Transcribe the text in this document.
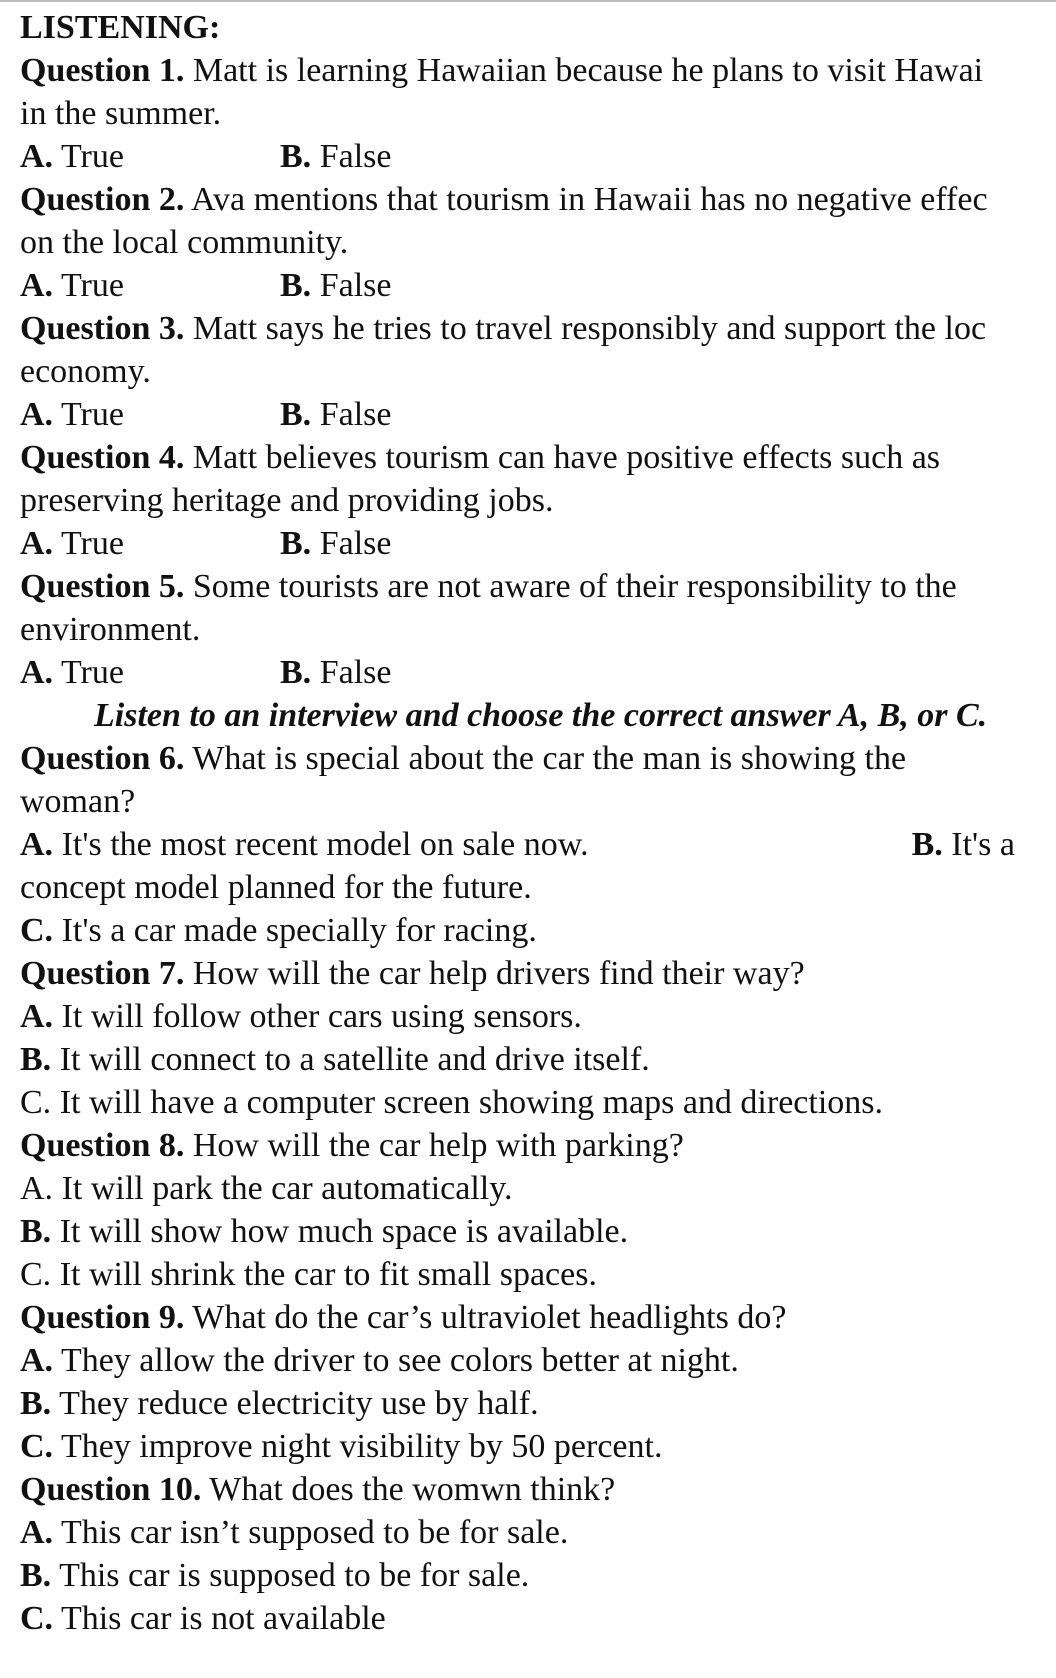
LISTENING:
Question 1. Matt is learning Hawaiian because he plans to visit Hawai
in the summer.
A. True	B. False
Question 2. Ava mentions that tourism in Hawaii has no negative effec
on the local community.
A. True	B. False
Question 3. Matt says he tries to travel responsibly and support the loc
economy.
A. True	B. False
Question 4. Matt believes tourism can have positive effects such as
preserving heritage and providing jobs.
A. True	B. False
Question 5. Some tourists are not aware of their responsibility to the
environment.
A. True	B. False
Listen to an interview and choose the correct answer A, B, or C.
Question 6. What is special about the car the man is showing the
woman?
A. It's the most recent model on sale now.	B. It's a
concept model planned for the future.
C. It's a car made specially for racing.
Question 7. How will the car help drivers find their way?
A. It will follow other cars using sensors.
B. It will connect to a satellite and drive itself.
C. It will have a computer screen showing maps and directions.
Question 8. How will the car help with parking?
A. It will park the car automatically.
B. It will show how much space is available.
C. It will shrink the car to fit small spaces.
Question 9. What do the car’s ultraviolet headlights do?
A. They allow the driver to see colors better at night.
B. They reduce electricity use by half.
C. They improve night visibility by 50 percent.
Question 10. What does the womwn think?
A. This car isn’t supposed to be for sale.
B. This car is supposed to be for sale.
C. This car is not available
